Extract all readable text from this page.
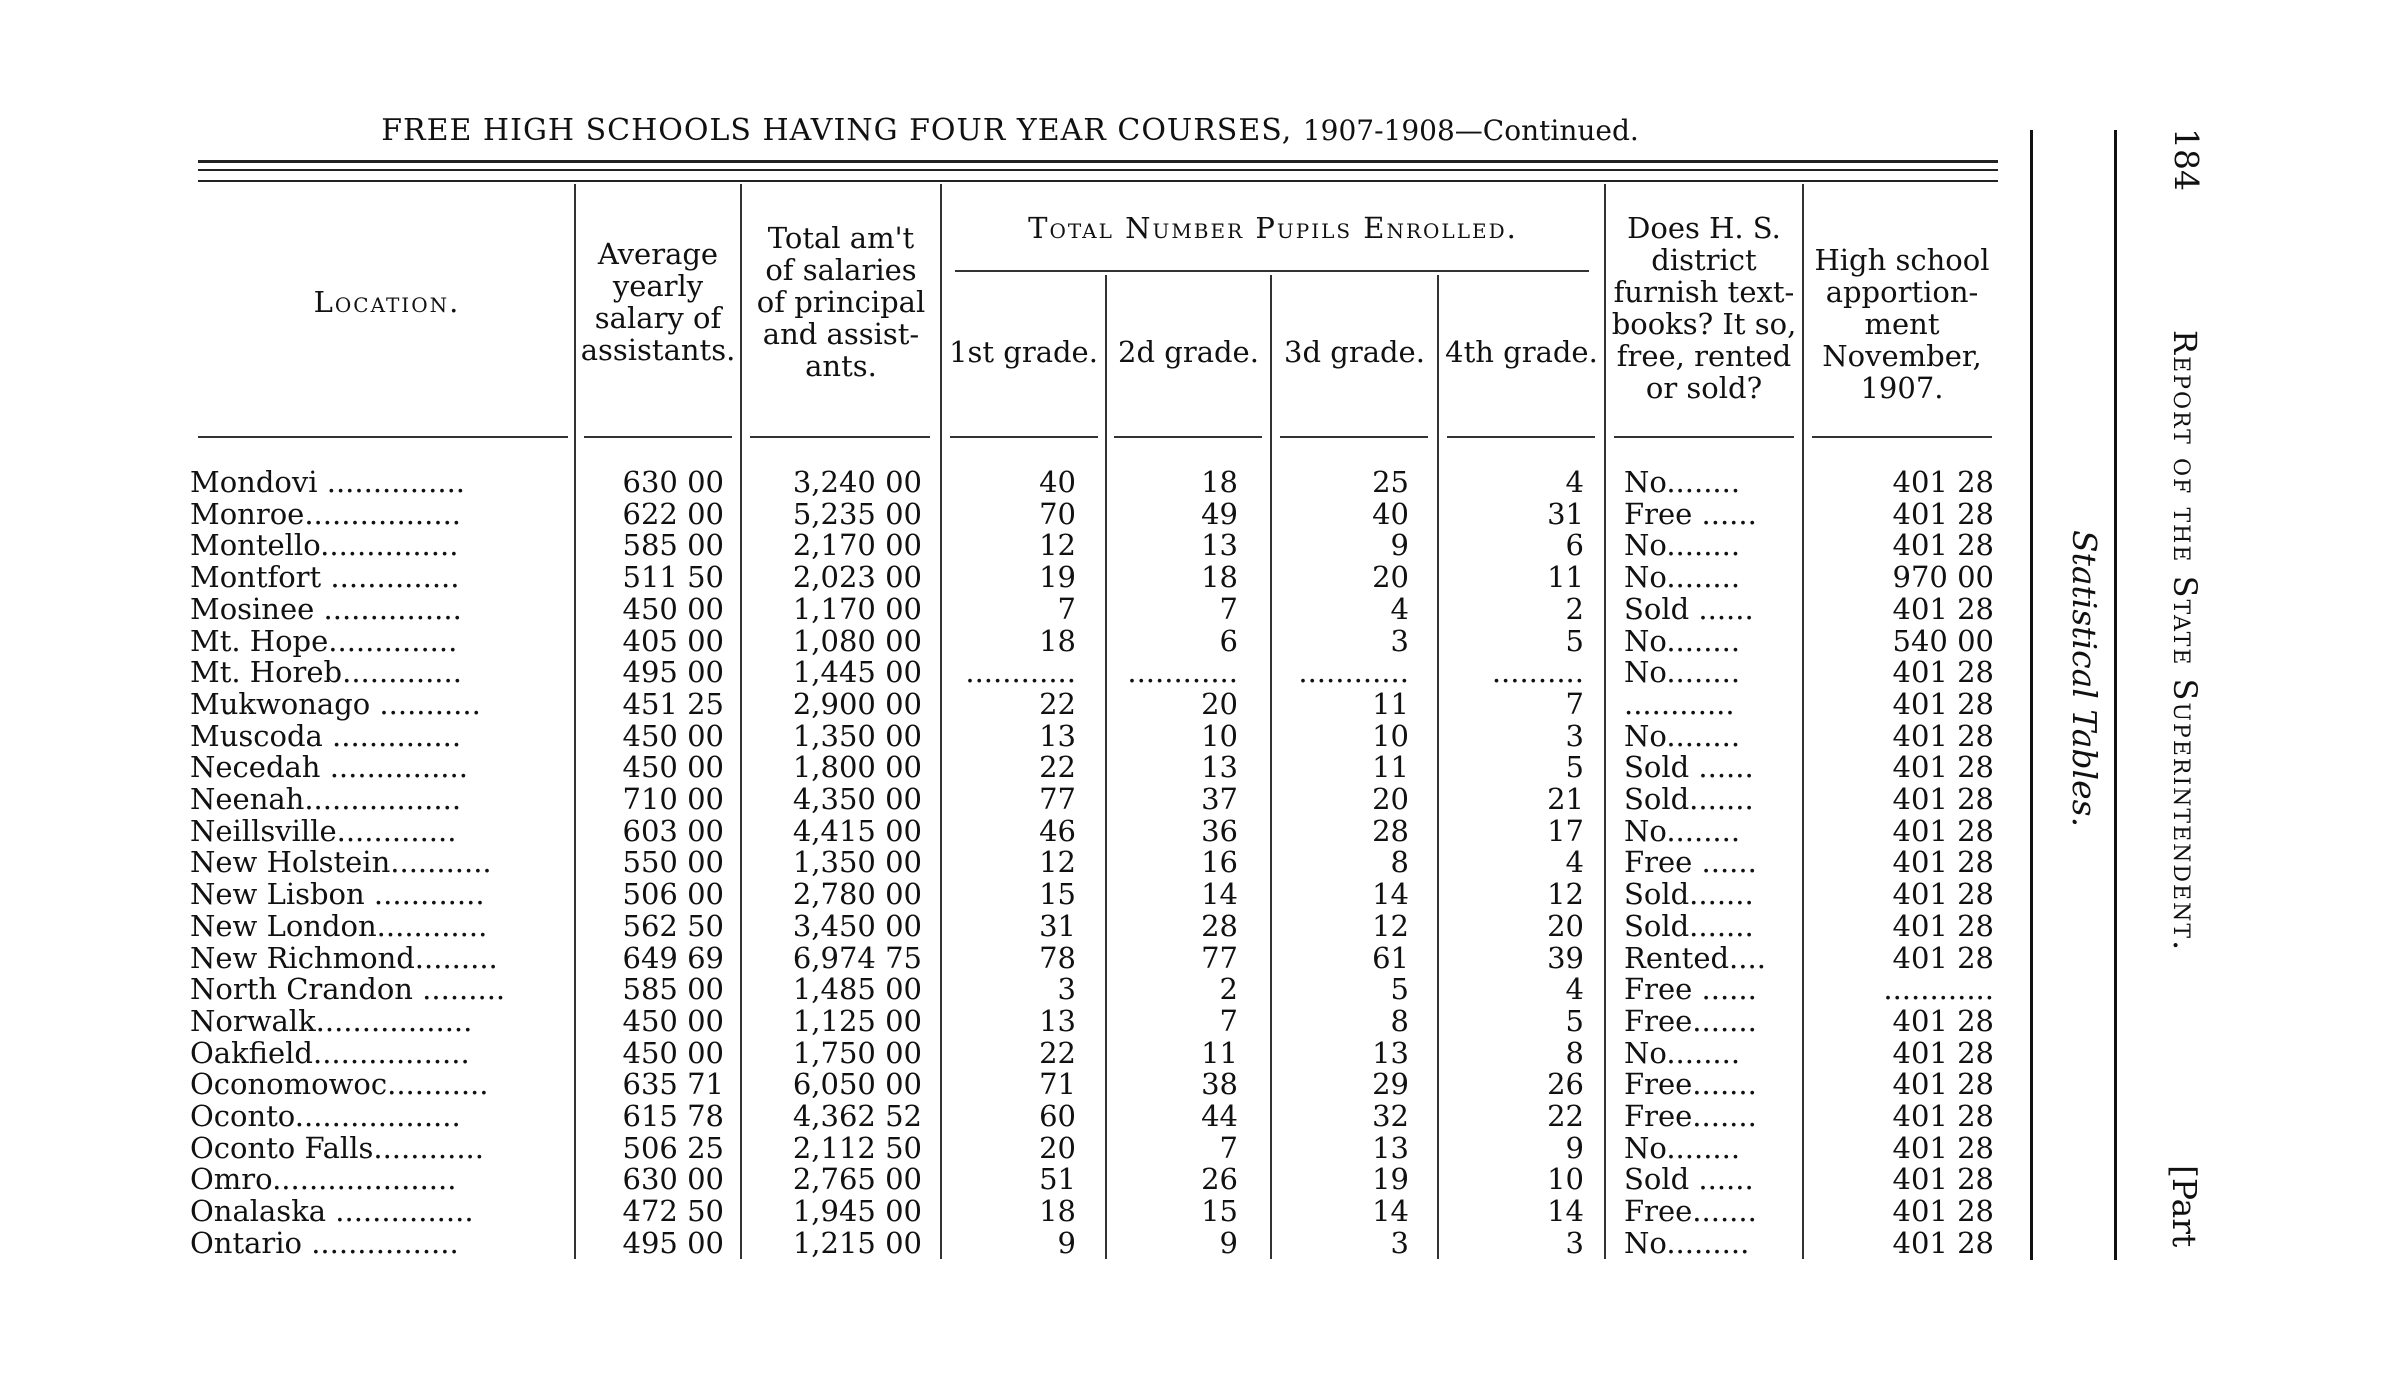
FREE HIGH SCHOOLS HAVING FOUR YEAR COURSES, 1907-1908—Continued.
Location.
Average
yearly
salary of
assistants.
Total am't
of salaries
of principal
and assist-
ants.
Total Number Pupils Enrolled.
1st grade. 2d grade. 3d grade. 4th grade.
Does H. S.
district
furnish text-
books? It so,
free, rented
or sold?
High school
apportion-
ment
November,
1907.
Mondovi ...............	630 00	3,240 00	40	18	25	4 No........	401 28
Monroe.................	622 00	5,235 00	70	49	40	31 Free ......	401 28
Montello...............	585 00	2,170 00	12	13	9	6 No........	401 28
Montfort ..............	511 50	2,023 00	19	18	20	11 No........	970 00
Mosinee ...............	450 00	1,170 00	7	7	4	2 Sold ......	401 28
Mt. Hope..............	405 00	1,080 00	18	6	3	5 No........	540 00
Mt. Horeb.............	495 00	1,445 00	............	............	............	.......... No........	401 28
Mukwonago ...........	451 25	2,900 00	22	20	11	7 ............	401 28
Muscoda ..............	450 00	1,350 00	13	10	10	3 No........	401 28
Necedah ...............	450 00	1,800 00	22	13	11	5 Sold ......	401 28
Neenah.................	710 00	4,350 00	77	37	20	21 Sold.......	401 28
Neillsville.............	603 00	4,415 00	46	36	28	17 No........	401 28
New Holstein...........	550 00	1,350 00	12	16	8	4 Free ......	401 28
New Lisbon ............	506 00	2,780 00	15	14	14	12 Sold.......	401 28
New London............	562 50	3,450 00	31	28	12	20 Sold.......	401 28
New Richmond.........	649 69	6,974 75	78	77	61	39 Rented....	401 28
North Crandon .........	585 00	1,485 00	3	2	5	4 Free ......	............
Norwalk.................	450 00	1,125 00	13	7	8	5 Free.......	401 28
Oakfield.................	450 00	1,750 00	22	11	13	8 No........	401 28
Oconomowoc...........	635 71	6,050 00	71	38	29	26 Free.......	401 28
Oconto..................	615 78	4,362 52	60	44	32	22 Free.......	401 28
Oconto Falls............	506 25	2,112 50	20	7	13	9 No........	401 28
Omro....................	630 00	2,765 00	51	26	19	10 Sold ......	401 28
Onalaska ...............	472 50	1,945 00	18	15	14	14 Free.......	401 28
Ontario ................	495 00	1,215 00	9	9	3	3 No.........	401 28
Statistical Tables.
184
Report of the State Superintendent.
[Part
